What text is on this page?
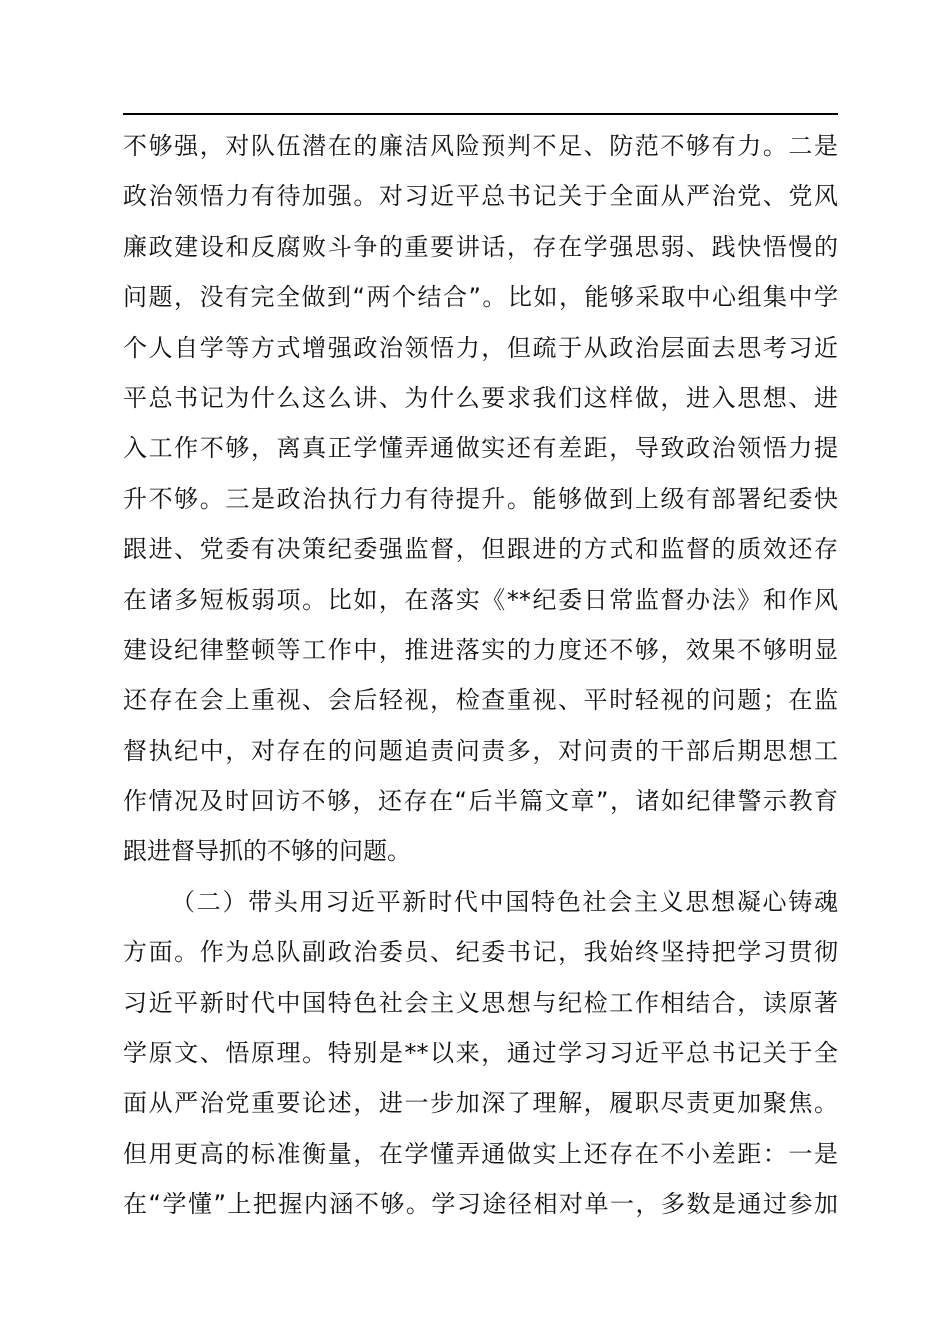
不够强，对队伍潜在的廉洁风险预判不足、防范不够有力。二是
政治领悟力有待加强。对习近平总书记关于全面从严治党、党风
廉政建设和反腐败斗争的重要讲话，存在学强思弱、践快悟慢的
问题，没有完全做到“两个结合”。比如，能够采取中心组集中学
个人自学等方式增强政治领悟力，但疏于从政治层面去思考习近
平总书记为什么这么讲、为什么要求我们这样做，进入思想、进
入工作不够，离真正学懂弄通做实还有差距，导致政治领悟力提
升不够。三是政治执行力有待提升。能够做到上级有部署纪委快
跟进、党委有决策纪委强监督，但跟进的方式和监督的质效还存
在诸多短板弱项。比如，在落实《**纪委日常监督办法》和作风
建设纪律整顿等工作中，推进落实的力度还不够，效果不够明显
还存在会上重视、会后轻视，检查重视、平时轻视的问题；在监
督执纪中，对存在的问题追责问责多，对问责的干部后期思想工
作情况及时回访不够，还存在“后半篇文章”，诸如纪律警示教育
跟进督导抓的不够的问题。
（二）带头用习近平新时代中国特色社会主义思想凝心铸魂
方面。作为总队副政治委员、纪委书记，我始终坚持把学习贯彻
习近平新时代中国特色社会主义思想与纪检工作相结合，读原著
学原文、悟原理。特别是**以来，通过学习习近平总书记关于全
面从严治党重要论述，进一步加深了理解，履职尽责更加聚焦。
但用更高的标准衡量，在学懂弄通做实上还存在不小差距：一是
在“学懂”上把握内涵不够。学习途径相对单一，多数是通过参加
